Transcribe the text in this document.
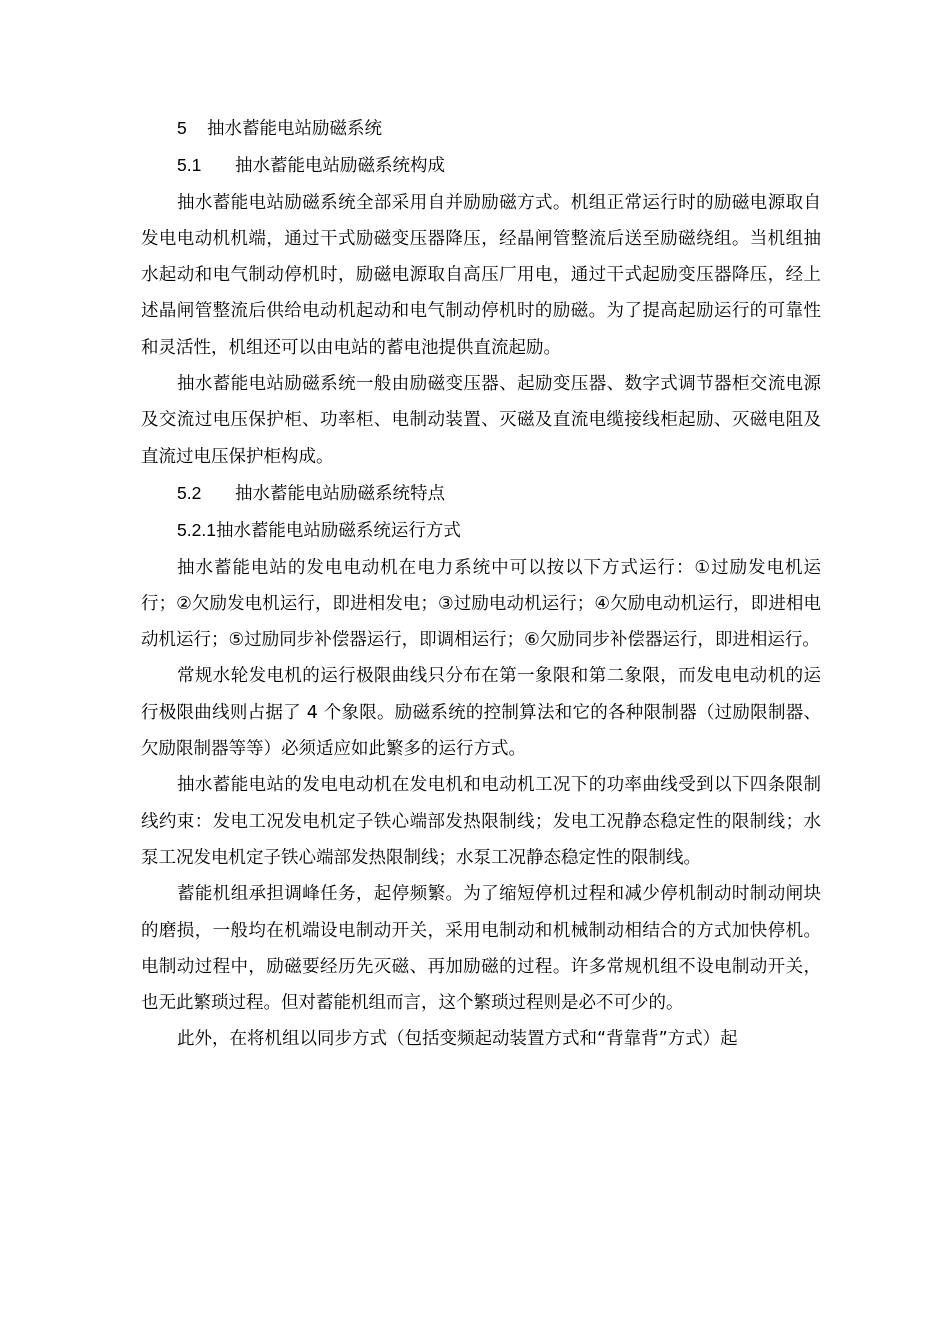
5 抽水蓄能电站励磁系统

5.1 抽水蓄能电站励磁系统构成

抽水蓄能电站励磁系统全部采用自并励励磁方式。机组正常运行时的励磁电源取自发电电动机机端，通过干式励磁变压器降压，经晶闸管整流后送至励磁绕组。当机组抽水起动和电气制动停机时，励磁电源取自高压厂用电，通过干式起励变压器降压，经上述晶闸管整流后供给电动机起动和电气制动停机时的励磁。为了提高起励运行的可靠性和灵活性，机组还可以由电站的蓄电池提供直流起励。

抽水蓄能电站励磁系统一般由励磁变压器、起励变压器、数字式调节器柜交流电源及交流过电压保护柜、功率柜、电制动装置、灭磁及直流电缆接线柜起励、灭磁电阻及直流过电压保护柜构成。

5.2 抽水蓄能电站励磁系统特点

5.2.1抽水蓄能电站励磁系统运行方式

抽水蓄能电站的发电电动机在电力系统中可以按以下方式运行：①过励发电机运行；②欠励发电机运行，即进相发电；③过励电动机运行；④欠励电动机运行，即进相电动机运行；⑤过励同步补偿器运行，即调相运行；⑥欠励同步补偿器运行，即进相运行。

常规水轮发电机的运行极限曲线只分布在第一象限和第二象限，而发电电动机的运行极限曲线则占据了 4 个象限。励磁系统的控制算法和它的各种限制器（过励限制器、欠励限制器等等）必须适应如此繁多的运行方式。

抽水蓄能电站的发电电动机在发电机和电动机工况下的功率曲线受到以下四条限制线约束：发电工况发电机定子铁心端部发热限制线；发电工况静态稳定性的限制线；水泵工况发电机定子铁心端部发热限制线；水泵工况静态稳定性的限制线。

蓄能机组承担调峰任务，起停频繁。为了缩短停机过程和减少停机制动时制动闸块的磨损，一般均在机端设电制动开关，采用电制动和机械制动相结合的方式加快停机。电制动过程中，励磁要经历先灭磁、再加励磁的过程。许多常规机组不设电制动开关，也无此繁琐过程。但对蓄能机组而言，这个繁琐过程则是必不可少的。

此外，在将机组以同步方式（包括变频起动装置方式和“背靠背”方式）起
